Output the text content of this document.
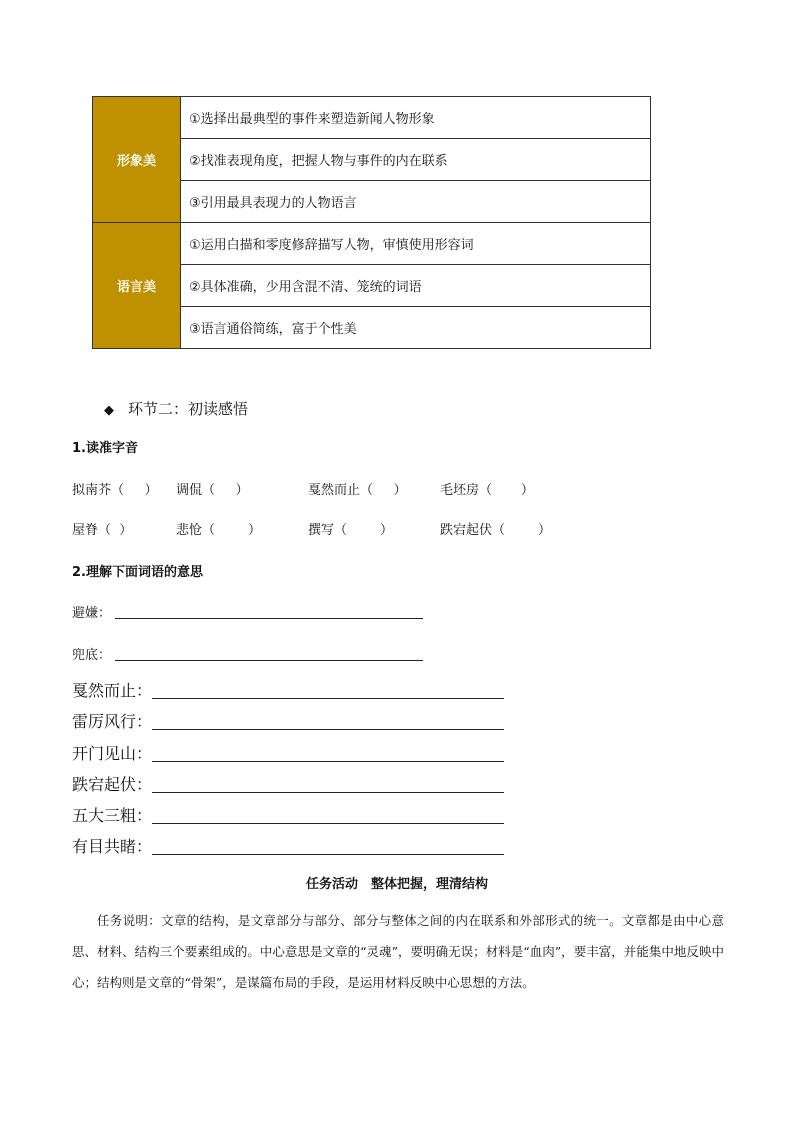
形象美	①选择出最典型的事件来塑造新闻人物形象
	②找准表现角度，把握人物与事件的内在联系
	③引用最具表现力的人物语言
语言美	①运用白描和零度修辞描写人物，审慎使用形容词
	②具体准确，少用含混不清、笼统的词语
	③语言通俗简练，富于个性美
◆ 环节二：初读感悟
1.读准字音
拟南芥（     ） 调侃（     ）	戛然而止（     ）	毛坯房（       ）
屋脊（  ）	悲怆（        ）	撰写（        ）	跌宕起伏（        ）
2.理解下面词语的意思
避嫌：
兜底：
戛然而止：
雷厉风行：
开门见山：
跌宕起伏：
五大三粗：
有目共睹：
任务活动　整体把握，理清结构
任务说明：文章的结构，是文章部分与部分、部分与整体之间的内在联系和外部形式的统一。文章都是由中心意思、材料、结构三个要素组成的。中心意思是文章的“灵魂”，要明确无误；材料是“血肉”，要丰富，并能集中地反映中心；结构则是文章的“骨架”，是谋篇布局的手段，是运用材料反映中心思想的方法。
